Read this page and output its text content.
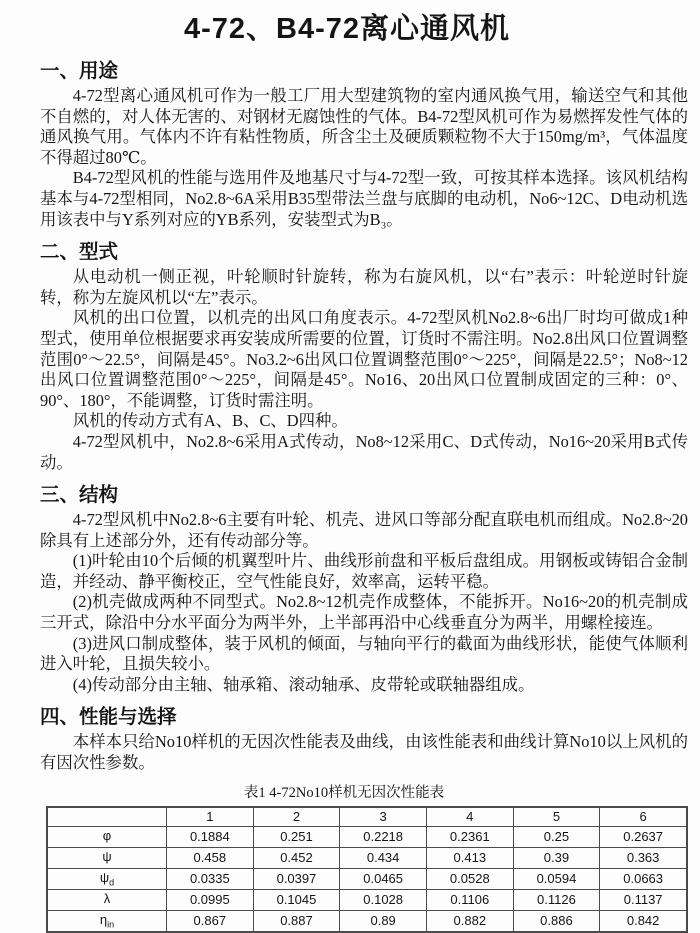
4-72、B4-72离心通风机
一、用途

4-72型离心通风机可作为一般工厂用大型建筑物的室内通风换气用，输送空气和其他不自燃的，对人体无害的、对钢材无腐蚀性的气体。B4-72型风机可作为易燃挥发性气体的通风换气用。气体内不许有粘性物质，所含尘土及硬质颗粒物不大于150mg/m³，气体温度不得超过80℃。

B4-72型风机的性能与选用件及地基尺寸与4-72型一致，可按其样本选择。该风机结构基本与4-72型相同，No2.8~6A采用B35型带法兰盘与底脚的电动机，No6~12C、D电动机选用该表中与Y系列对应的YB系列，安装型式为B₃。

二、型式

从电动机一侧正视，叶轮顺时针旋转，称为右旋风机，以“右”表示：叶轮逆时针旋转，称为左旋风机以“左”表示。

风机的出口位置，以机壳的出风口角度表示。4-72型风机No2.8~6出厂时均可做成1种型式，使用单位根据要求再安装成所需要的位置，订货时不需注明。No2.8出风口位置调整范围0°～22.5°，间隔是45°。No3.2~6出风口位置调整范围0°～225°，间隔是22.5°；No8~12出风口位置调整范围0°～225°，间隔是45°。No16、20出风口位置制成固定的三种：0°、90°、180°，不能调整，订货时需注明。

风机的传动方式有A、B、C、D四种。

4-72型风机中，No2.8~6采用A式传动，No8~12采用C、D式传动，No16~20采用B式传动。

三、结构

4-72型风机中No2.8~6主要有叶轮、机壳、进风口等部分配直联电机而组成。No2.8~20除具有上述部分外，还有传动部分等。

(1)叶轮由10个后倾的机翼型叶片、曲线形前盘和平板后盘组成。用钢板或铸铝合金制造，并经动、静平衡校正，空气性能良好，效率高，运转平稳。

(2)机壳做成两种不同型式。No2.8~12机壳作成整体，不能拆开。No16~20的机壳制成三开式，除沿中分水平面分为两半外，上半部再沿中心线垂直分为两半，用螺栓接连。

(3)进风口制成整体，装于风机的倾面，与轴向平行的截面为曲线形状，能使气体顺利进入叶轮，且损失较小。

(4)传动部分由主轴、轴承箱、滚动轴承、皮带轮或联轴器组成。

四、性能与选择

本样本只给No10样机的无因次性能表及曲线，由该性能表和曲线计算No10以上风机的有因次性参数。

表1 4-72No10样机无因次性能表
	1	2	3	4	5	6
φ	0.1884	0.251	0.2218	0.2361	0.25	0.2637
ψ	0.458	0.452	0.434	0.413	0.39	0.363
$\psi_d$	0.0335	0.0397	0.0465	0.0528	0.0594	0.0663
λ	0.0995	0.1045	0.1028	0.1106	0.1126	0.1137
$\eta_{in}$	0.867	0.887	0.89	0.882	0.886	0.842
